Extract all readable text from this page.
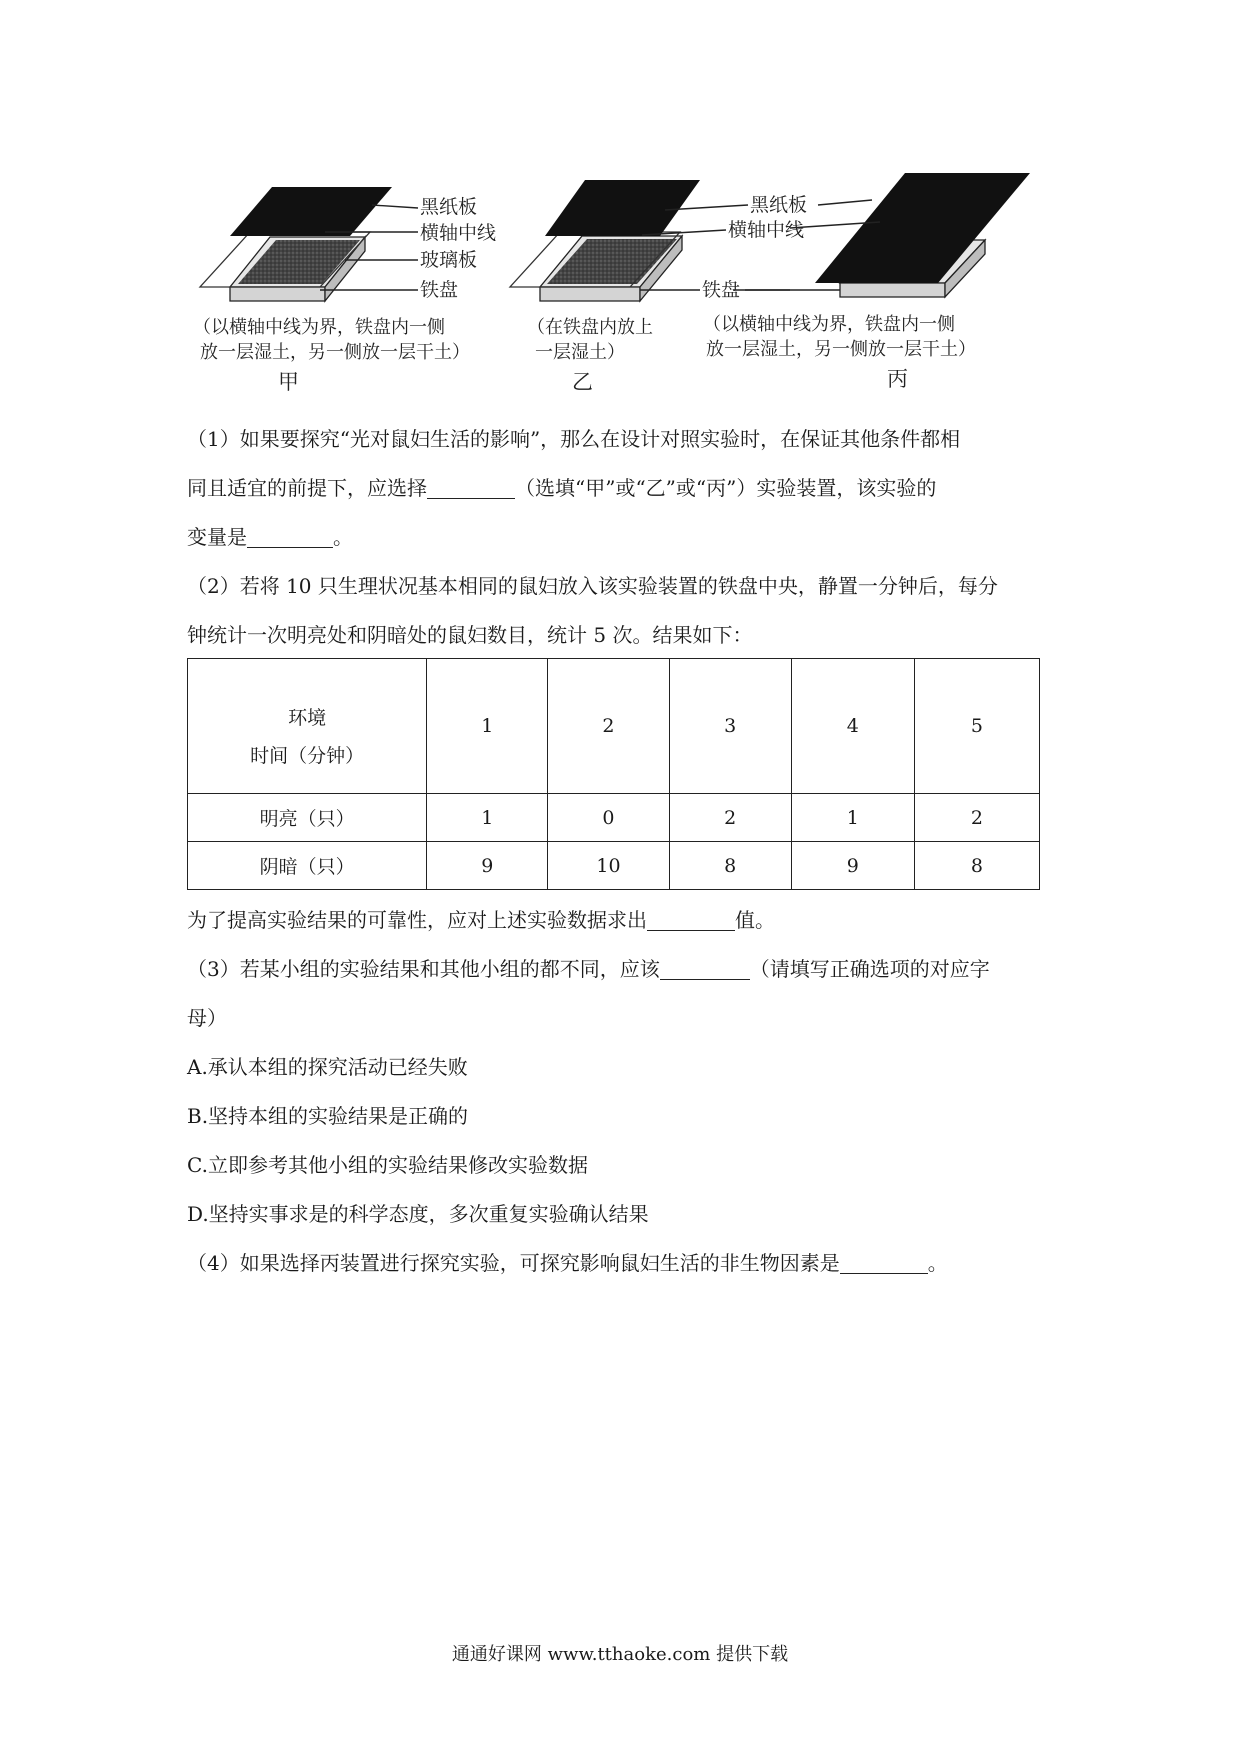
黑纸板
横轴中线
玻璃板
铁盘
黑纸板
横轴中线
铁盘
（以横轴中线为界，铁盘内一侧
放一层湿土，另一侧放一层干土）
（在铁盘内放上
一层湿土）
（以横轴中线为界，铁盘内一侧
放一层湿土，另一侧放一层干土）
甲	乙	丙
（1）如果要探究“光对鼠妇生活的影响”，那么在设计对照实验时，在保证其他条件都相
同且适宜的前提下，应选择	（选填“甲”或“乙”或“丙”）实验装置，该实验的
变量是	。
（2）若将 10 只生理状况基本相同的鼠妇放入该实验装置的铁盘中央，静置一分钟后，每分
钟统计一次明亮处和阴暗处的鼠妇数目，统计 5 次。结果如下：
环境
时间（分钟）	1	2	3	4	5
明亮（只）	1	0	2	1	2
阴暗（只）	9	10	8	9	8
为了提高实验结果的可靠性，应对上述实验数据求出	值。
（3）若某小组的实验结果和其他小组的都不同，应该	（请填写正确选项的对应字
母）
A.承认本组的探究活动已经失败
B.坚持本组的实验结果是正确的
C.立即参考其他小组的实验结果修改实验数据
D.坚持实事求是的科学态度，多次重复实验确认结果
（4）如果选择丙装置进行探究实验，可探究影响鼠妇生活的非生物因素是	。
通通好课网 www.tthaoke.com 提供下载
